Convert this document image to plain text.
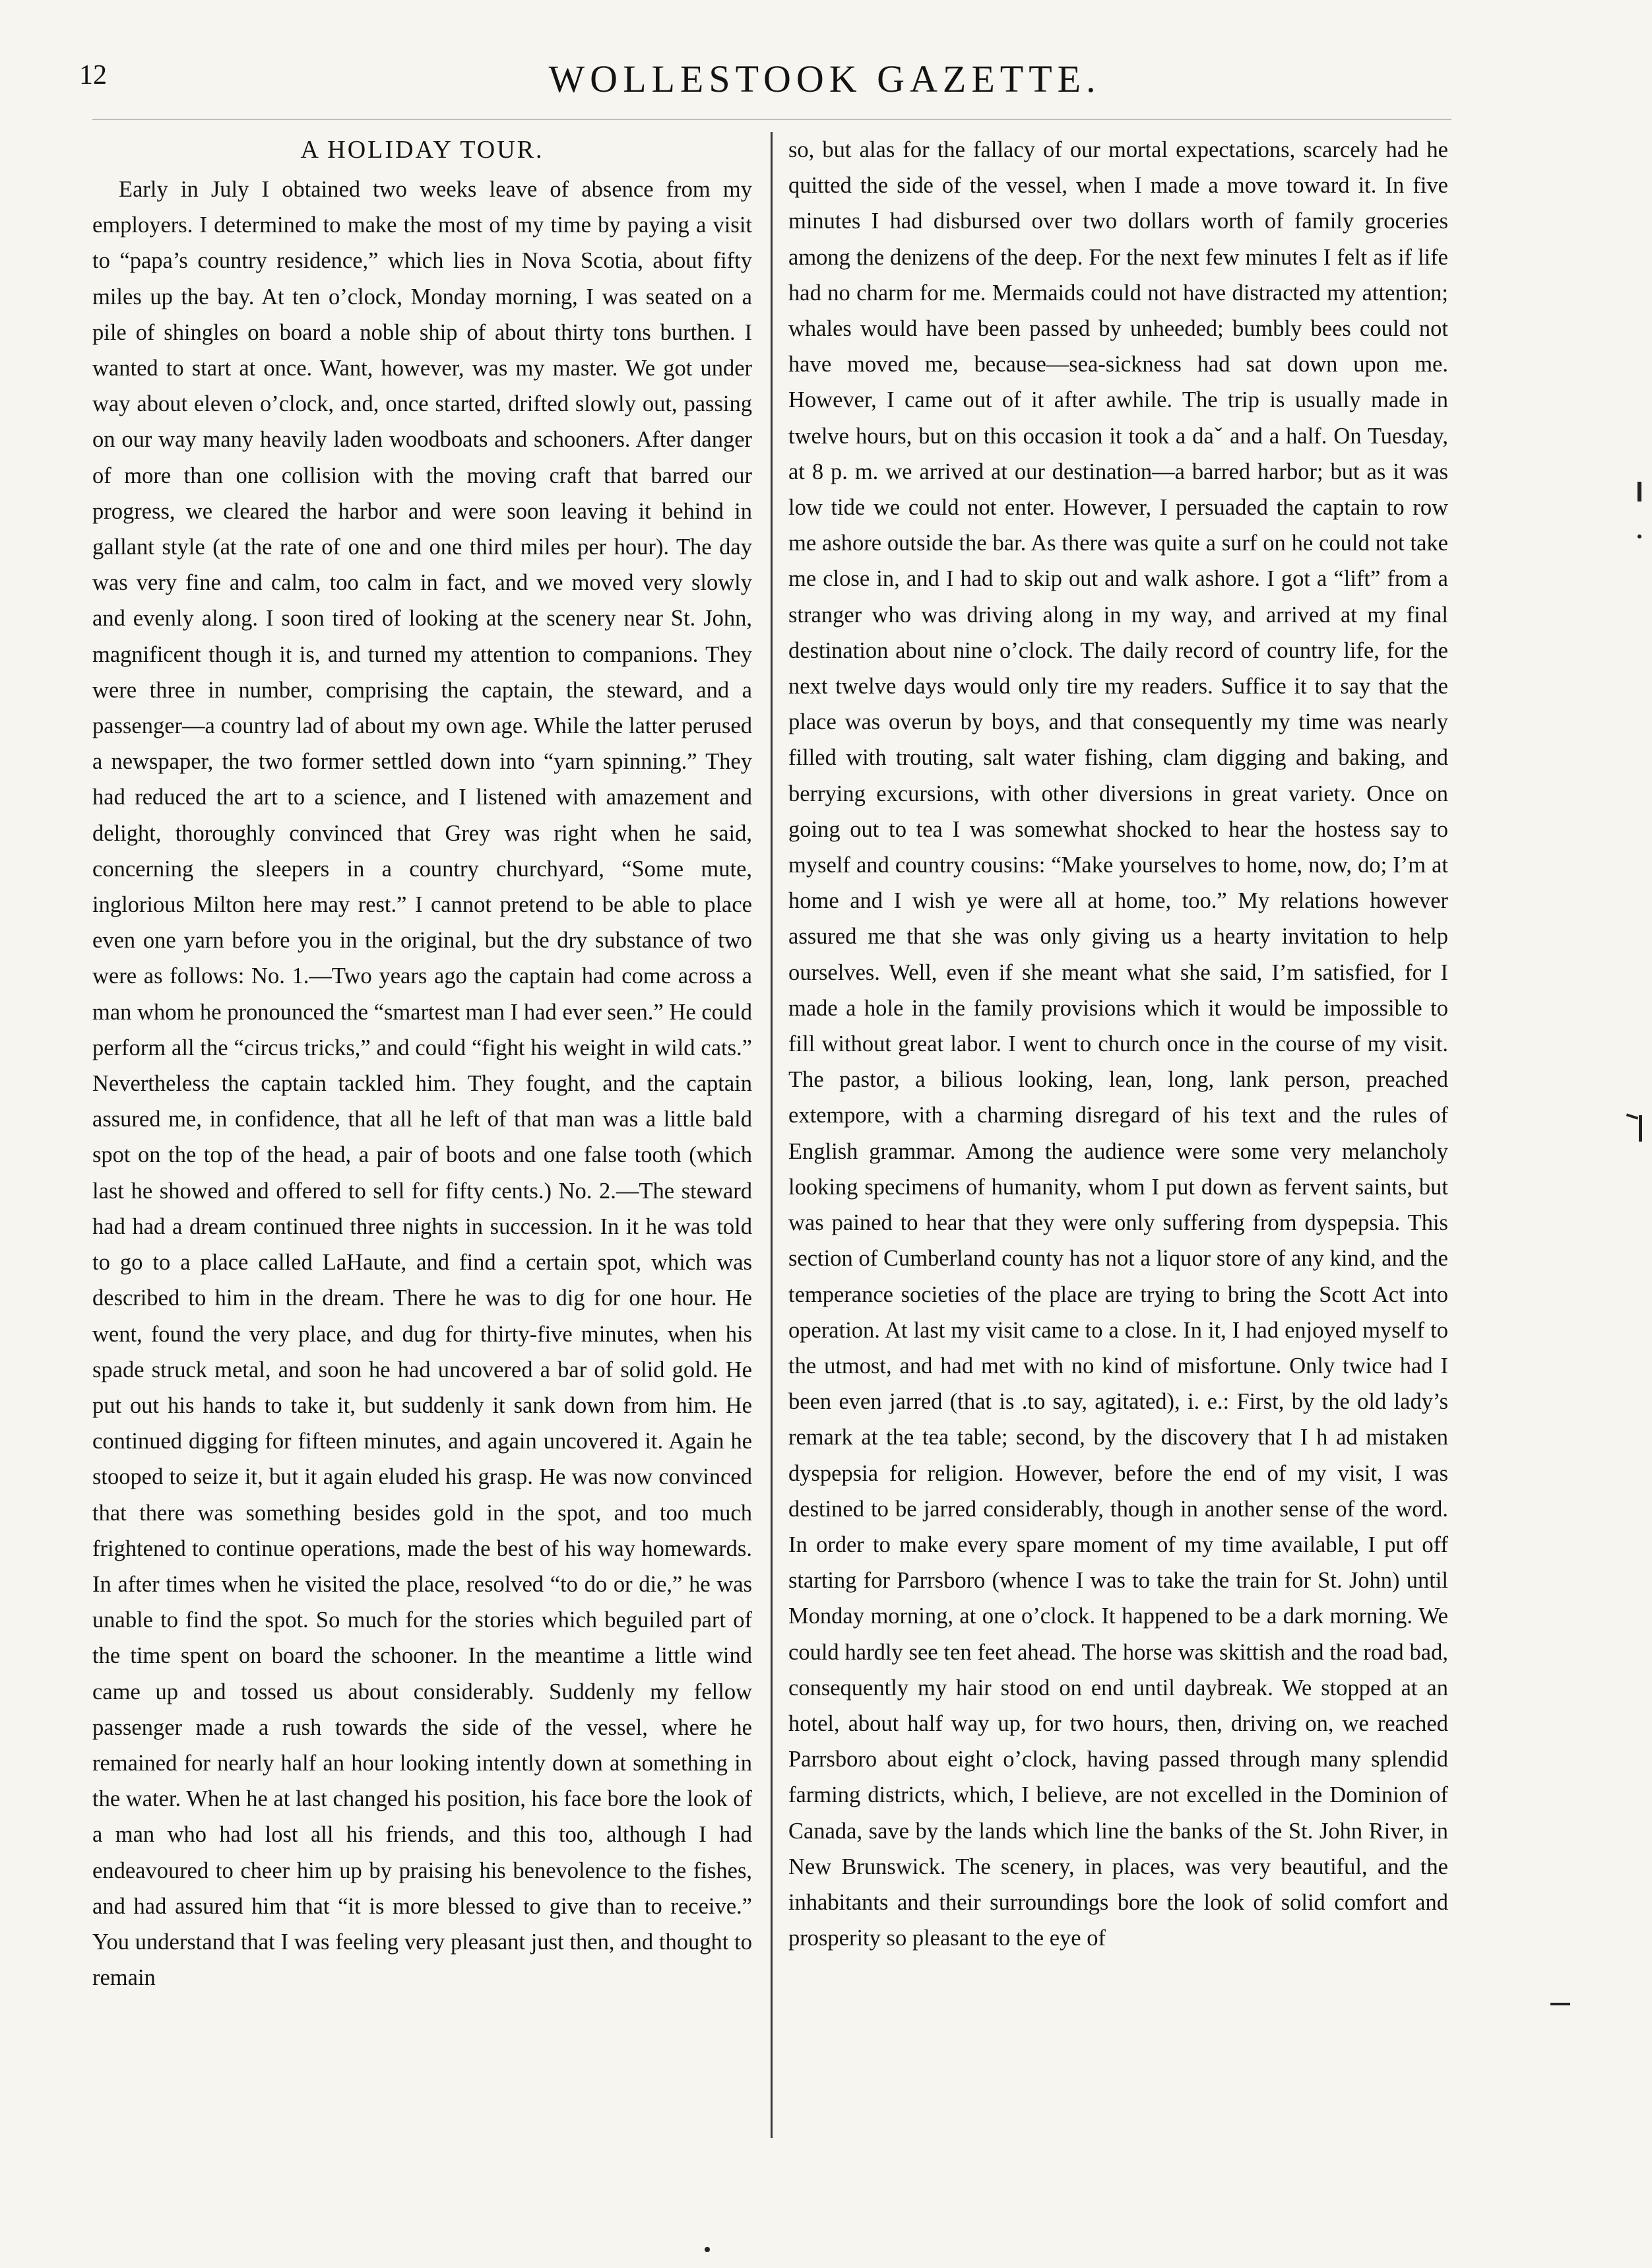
12	WOLLESTOOK GAZETTE.
A HOLIDAY TOUR.

Early in July I obtained two weeks leave of absence from my employers. I determined to make the most of my time by paying a visit to “papa’s country residence,” which lies in Nova Scotia, about fifty miles up the bay. At ten o’clock, Monday morning, I was seated on a pile of shingles on board a noble ship of about thirty tons burthen. I wanted to start at once. Want, however, was my master. We got under way about eleven o’clock, and, once started, drifted slowly out, passing on our way many heavily laden woodboats and schooners. After danger of more than one collision with the moving craft that barred our progress, we cleared the harbor and were soon leaving it behind in gallant style (at the rate of one and one third miles per hour). The day was very fine and calm, too calm in fact, and we moved very slowly and evenly along. I soon tired of looking at the scenery near St. John, magnificent though it is, and turned my attention to companions. They were three in number, comprising the captain, the steward, and a passenger—a country lad of about my own age. While the latter perused a newspaper, the two former settled down into “yarn spinning.” They had reduced the art to a science, and I listened with amazement and delight, thoroughly convinced that Grey was right when he said, concerning the sleepers in a country churchyard, “Some mute, inglorious Milton here may rest.” I cannot pretend to be able to place even one yarn before you in the original, but the dry substance of two were as follows: No. 1.—Two years ago the captain had come across a man whom he pronounced the “smartest man I had ever seen.” He could perform all the “circus tricks,” and could “fight his weight in wild cats.” Nevertheless the captain tackled him. They fought, and the captain assured me, in confidence, that all he left of that man was a little bald spot on the top of the head, a pair of boots and one false tooth (which last he showed and offered to sell for fifty cents.) No. 2.—The steward had had a dream continued three nights in succession. In it he was told to go to a place called LaHaute, and find a certain spot, which was described to him in the dream. There he was to dig for one hour. He went, found the very place, and dug for thirty-five minutes, when his spade struck metal, and soon he had uncovered a bar of solid gold. He put out his hands to take it, but suddenly it sank down from him. He continued digging for fifteen minutes, and again uncovered it. Again he stooped to seize it, but it again eluded his grasp. He was now convinced that there was something besides gold in the spot, and too much frightened to continue operations, made the best of his way homewards. In after times when he visited the place, resolved “to do or die,” he was unable to find the spot. So much for the stories which beguiled part of the time spent on board the schooner. In the meantime a little wind came up and tossed us about considerably. Suddenly my fellow passenger made a rush towards the side of the vessel, where he remained for nearly half an hour looking intently down at something in the water. When he at last changed his position, his face bore the look of a man who had lost all his friends, and this too, although I had endeavoured to cheer him up by praising his benevolence to the fishes, and had assured him that “it is more blessed to give than to receive.” You understand that I was feeling very pleasant just then, and thought to remain

so, but alas for the fallacy of our mortal expectations, scarcely had he quitted the side of the vessel, when I made a move toward it. In five minutes I had disbursed over two dollars worth of family groceries among the denizens of the deep. For the next few minutes I felt as if life had no charm for me. Mermaids could not have distracted my attention; whales would have been passed by unheeded; bumbly bees could not have moved me, because—sea-sickness had sat down upon me. However, I came out of it after awhile. The trip is usually made in twelve hours, but on this occasion it took a daˇ and a half. On Tuesday, at 8 p. m. we arrived at our destination—a barred harbor; but as it was low tide we could not enter. However, I persuaded the captain to row me ashore outside the bar. As there was quite a surf on he could not take me close in, and I had to skip out and walk ashore. I got a “lift” from a stranger who was driving along in my way, and arrived at my final destination about nine o’clock. The daily record of country life, for the next twelve days would only tire my readers. Suffice it to say that the place was overun by boys, and that consequently my time was nearly filled with trouting, salt water fishing, clam digging and baking, and berrying excursions, with other diversions in great variety. Once on going out to tea I was somewhat shocked to hear the hostess say to myself and country cousins: “Make yourselves to home, now, do; I’m at home and I wish ye were all at home, too.” My relations however assured me that she was only giving us a hearty invitation to help ourselves. Well, even if she meant what she said, I’m satisfied, for I made a hole in the family provisions which it would be impossible to fill without great labor. I went to church once in the course of my visit. The pastor, a bilious looking, lean, long, lank person, preached extempore, with a charming disregard of his text and the rules of English grammar. Among the audience were some very melancholy looking specimens of humanity, whom I put down as fervent saints, but was pained to hear that they were only suffering from dyspepsia. This section of Cumberland county has not a liquor store of any kind, and the temperance societies of the place are trying to bring the Scott Act into operation. At last my visit came to a close. In it, I had enjoyed myself to the utmost, and had met with no kind of misfortune. Only twice had I been even jarred (that is .to say, agitated), i. e.: First, by the old lady’s remark at the tea table; second, by the discovery that I h ad mistaken dyspepsia for religion. However, before the end of my visit, I was destined to be jarred considerably, though in another sense of the word. In order to make every spare moment of my time available, I put off starting for Parrsboro (whence I was to take the train for St. John) until Monday morning, at one o’clock. It happened to be a dark morning. We could hardly see ten feet ahead. The horse was skittish and the road bad, consequently my hair stood on end until daybreak. We stopped at an hotel, about half way up, for two hours, then, driving on, we reached Parrsboro about eight o’clock, having passed through many splendid farming districts, which, I believe, are not excelled in the Dominion of Canada, save by the lands which line the banks of the St. John River, in New Brunswick. The scenery, in places, was very beautiful, and the inhabitants and their surroundings bore the look of solid comfort and prosperity so pleasant to the eye of
